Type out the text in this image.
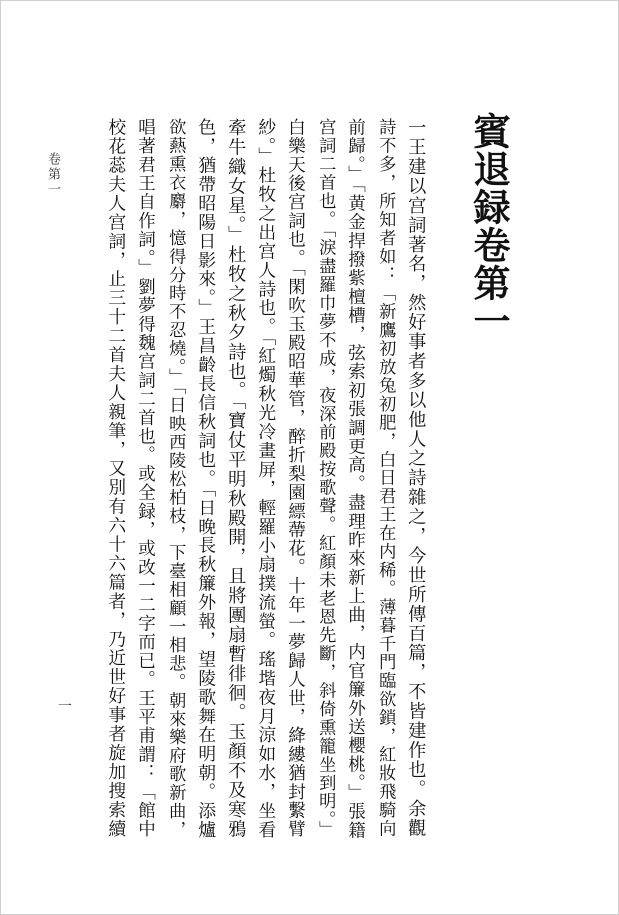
賓退録卷第一
一王建以宫詞著名，然好事者多以他人之詩雜之，今世所傳百篇，不皆建作也。余觀
詩不多，所知者如：「新鷹初放兔初肥，白日君王在内稀。薄暮千門臨欲鎖，紅妝飛騎向
前歸。」「黄金捍撥紫檀槽，弦索初張調更高。盡理昨來新上曲，内官簾外送櫻桃。」張籍
宫詞二首也。「淚盡羅巾夢不成，夜深前殿按歌聲。紅顏未老恩先斷，斜倚熏籠坐到明。」
白樂天後宫詞也。「閑吹玉殿昭華管，醉折梨園縹蔕花。十年一夢歸人世，絳縷猶封繫臂
紗。」杜牧之出宫人詩也。「紅燭秋光冷畫屏，輕羅小扇撲流螢。瑤堦夜月涼如水，坐看
牽牛織女星。」杜牧之秋夕詩也。「寶仗平明秋殿開，且將團扇暫徘徊。玉顏不及寒鴉
色，猶帶昭陽日影來。」王昌齡長信秋詞也。「日晚長秋簾外報，望陵歌舞在明朝。添爐
欲爇熏衣麝，憶得分時不忍燒。」「日映西陵松柏枝，下臺相顧一相悲。朝來樂府歌新曲，
唱著君王自作詞。」劉夢得魏宫詞二首也。或全録，或改一二字而已。王平甫謂：「館中
校花蕊夫人宫詞，止三十二首夫人親筆，又別有六十六篇者，乃近世好事者旋加搜索續
卷第一
一
